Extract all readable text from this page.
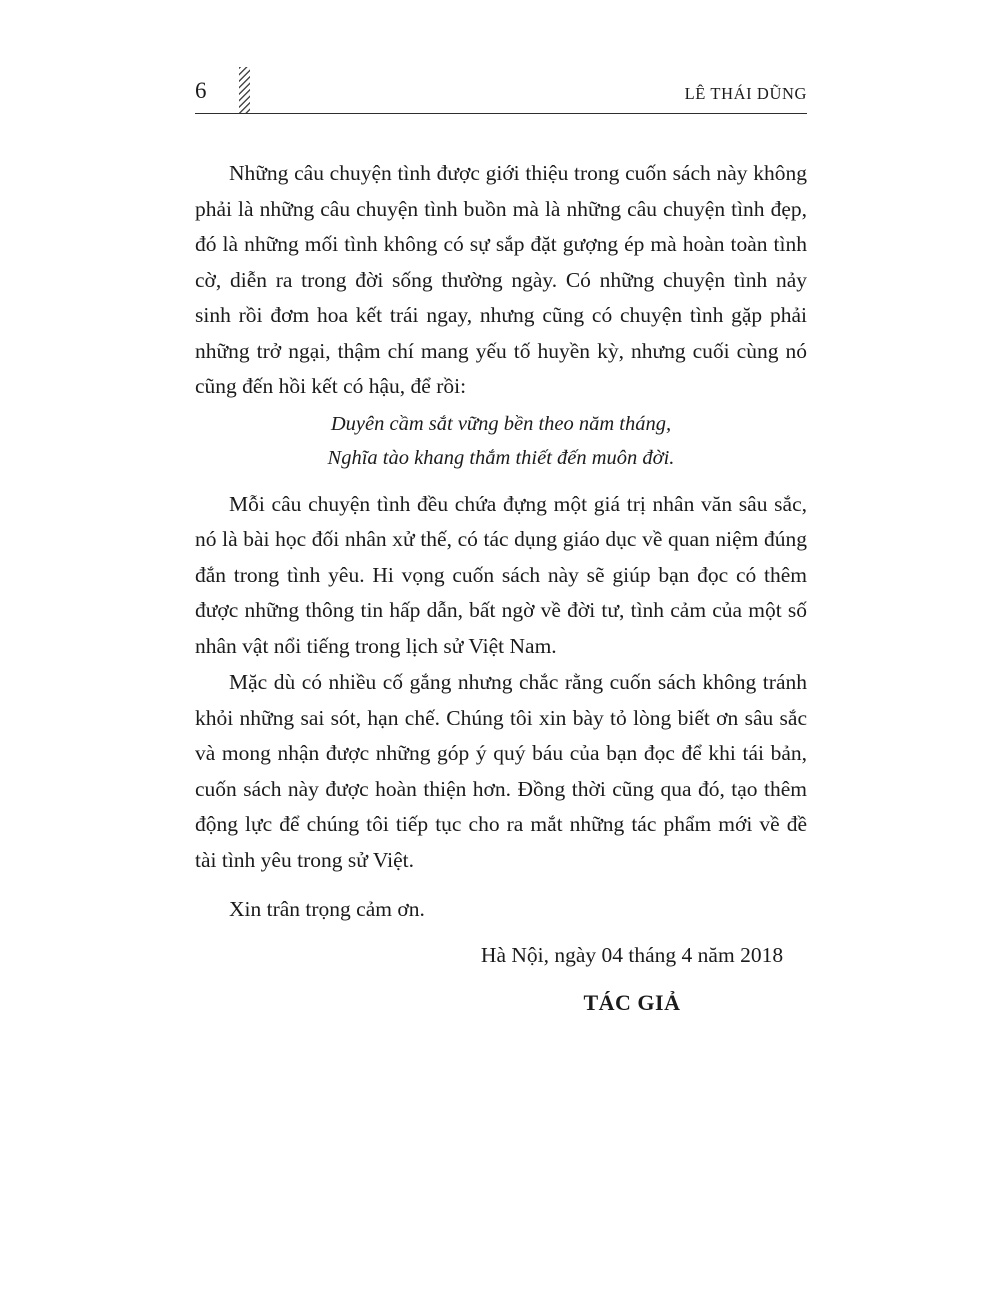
6	LÊ THÁI DŨNG

Những câu chuyện tình được giới thiệu trong cuốn sách này không phải là những câu chuyện tình buồn mà là những câu chuyện tình đẹp, đó là những mối tình không có sự sắp đặt gượng ép mà hoàn toàn tình cờ, diễn ra trong đời sống thường ngày. Có những chuyện tình nảy sinh rồi đơm hoa kết trái ngay, nhưng cũng có chuyện tình gặp phải những trở ngại, thậm chí mang yếu tố huyền kỳ, nhưng cuối cùng nó cũng đến hồi kết có hậu, để rồi:

Duyên cầm sắt vững bền theo năm tháng,
Nghĩa tào khang thắm thiết đến muôn đời.

Mỗi câu chuyện tình đều chứa đựng một giá trị nhân văn sâu sắc, nó là bài học đối nhân xử thế, có tác dụng giáo dục về quan niệm đúng đắn trong tình yêu. Hi vọng cuốn sách này sẽ giúp bạn đọc có thêm được những thông tin hấp dẫn, bất ngờ về đời tư, tình cảm của một số nhân vật nổi tiếng trong lịch sử Việt Nam.

Mặc dù có nhiều cố gắng nhưng chắc rằng cuốn sách không tránh khỏi những sai sót, hạn chế. Chúng tôi xin bày tỏ lòng biết ơn sâu sắc và mong nhận được những góp ý quý báu của bạn đọc để khi tái bản, cuốn sách này được hoàn thiện hơn. Đồng thời cũng qua đó, tạo thêm động lực để chúng tôi tiếp tục cho ra mắt những tác phẩm mới về đề tài tình yêu trong sử Việt.

Xin trân trọng cảm ơn.

Hà Nội, ngày 04 tháng 4 năm 2018
TÁC GIẢ
